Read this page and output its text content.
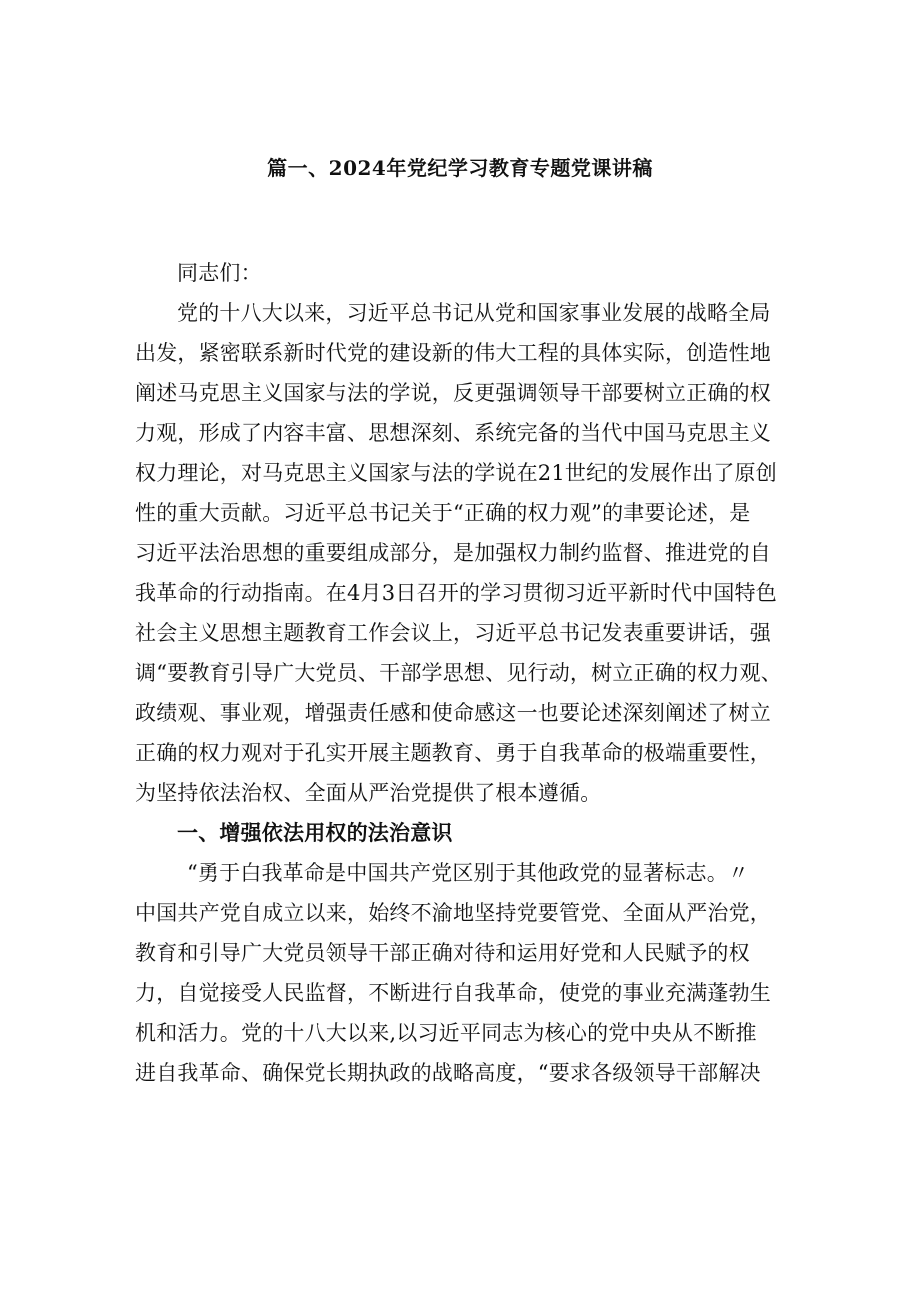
篇一、2024年党纪学习教育专题党课讲稿
同志们：
党的十八大以来，习近平总书记从党和国家事业发展的战略全局
出发，紧密联系新时代党的建设新的伟大工程的具体实际，创造性地
阐述马克思主义国家与法的学说，反更强调领导干部要树立正确的权
力观，形成了内容丰富、思想深刻、系统完备的当代中国马克思主义
权力理论，对马克思主义国家与法的学说在21世纪的发展作出了原创
性的重大贡献。习近平总书记关于“正确的权力观”的聿要论述，是
习近平法治思想的重要组成部分，是加强权力制约监督、推进党的自
我革命的行动指南。在4月3日召开的学习贯彻习近平新时代中国特色
社会主义思想主题教育工作会议上，习近平总书记发表重要讲话，强
调“要教育引导广大党员、干部学思想、见行动，树立正确的权力观、
政绩观、事业观，增强责任感和使命感这一也要论述深刻阐述了树立
正确的权力观对于孔实开展主题教育、勇于自我革命的极端重要性，
为坚持依法治权、全面从严治党提供了根本遵循。
一、增强依法用权的法治意识
“勇于白我革命是中国共产党区别于其他政党的显著标志。〃
中国共产党自成立以来，始终不渝地坚持党要管党、全面从严治党，
教育和引导广大党员领导干部正确对待和运用好党和人民赋予的权
力，自觉接受人民监督，不断进行自我革命，使党的事业充满蓬勃生
机和活力。党的十八大以来,以习近平同志为核心的党中央从不断推
进自我革命、确保党长期执政的战略高度，“要求各级领导干部解决
